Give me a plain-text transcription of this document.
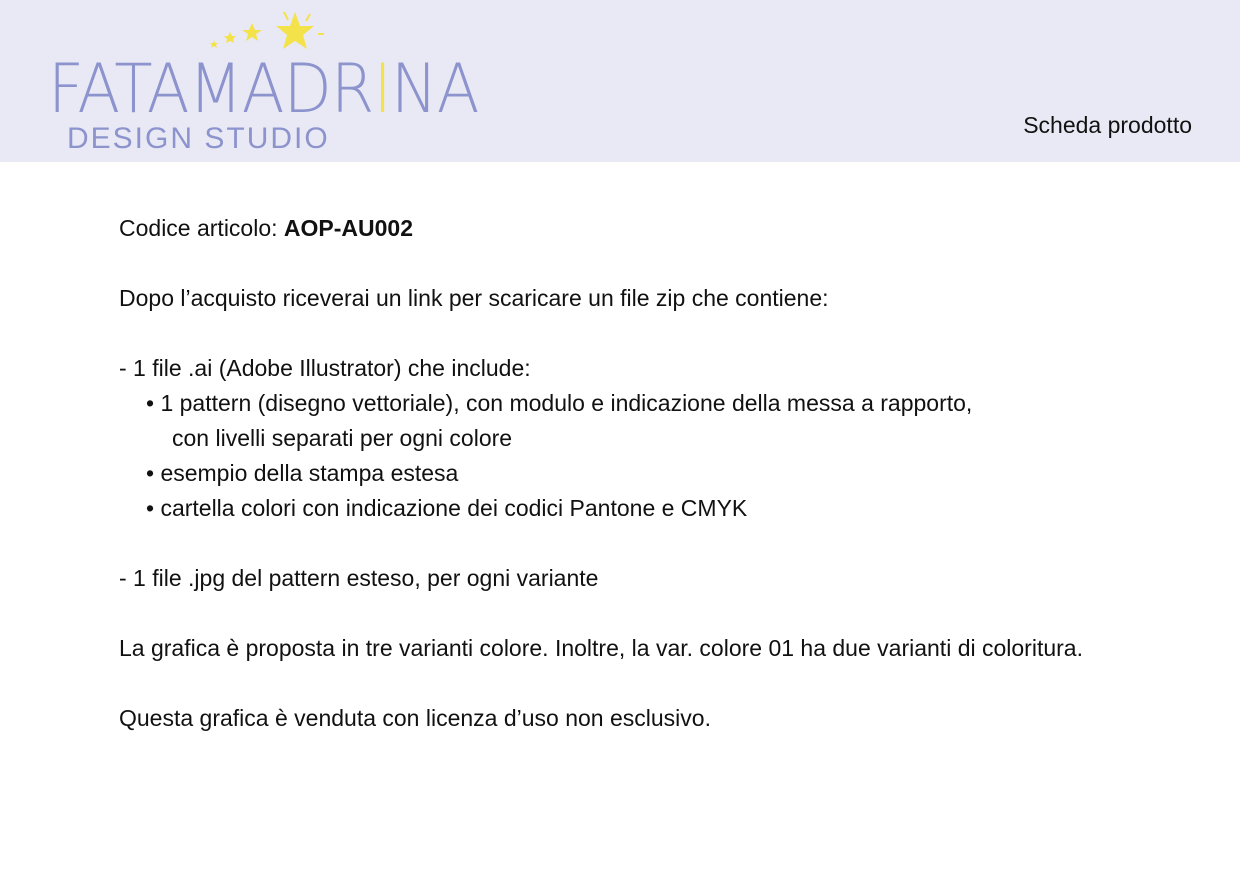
FATAMADRINA
DESIGN STUDIO	Scheda prodotto

Codice articolo: AOP-AU002

Dopo l’acquisto riceverai un link per scaricare un file zip che contiene:

- 1 file .ai (Adobe Illustrator) che include:

• 1 pattern (disegno vettoriale), con modulo e indicazione della messa a rapporto,

con livelli separati per ogni colore

• esempio della stampa estesa

• cartella colori con indicazione dei codici Pantone e CMYK

- 1 file .jpg del pattern esteso, per ogni variante

La grafica è proposta in tre varianti colore. Inoltre, la var. colore 01 ha due varianti di coloritura.

Questa grafica è venduta con licenza d’uso non esclusivo.
